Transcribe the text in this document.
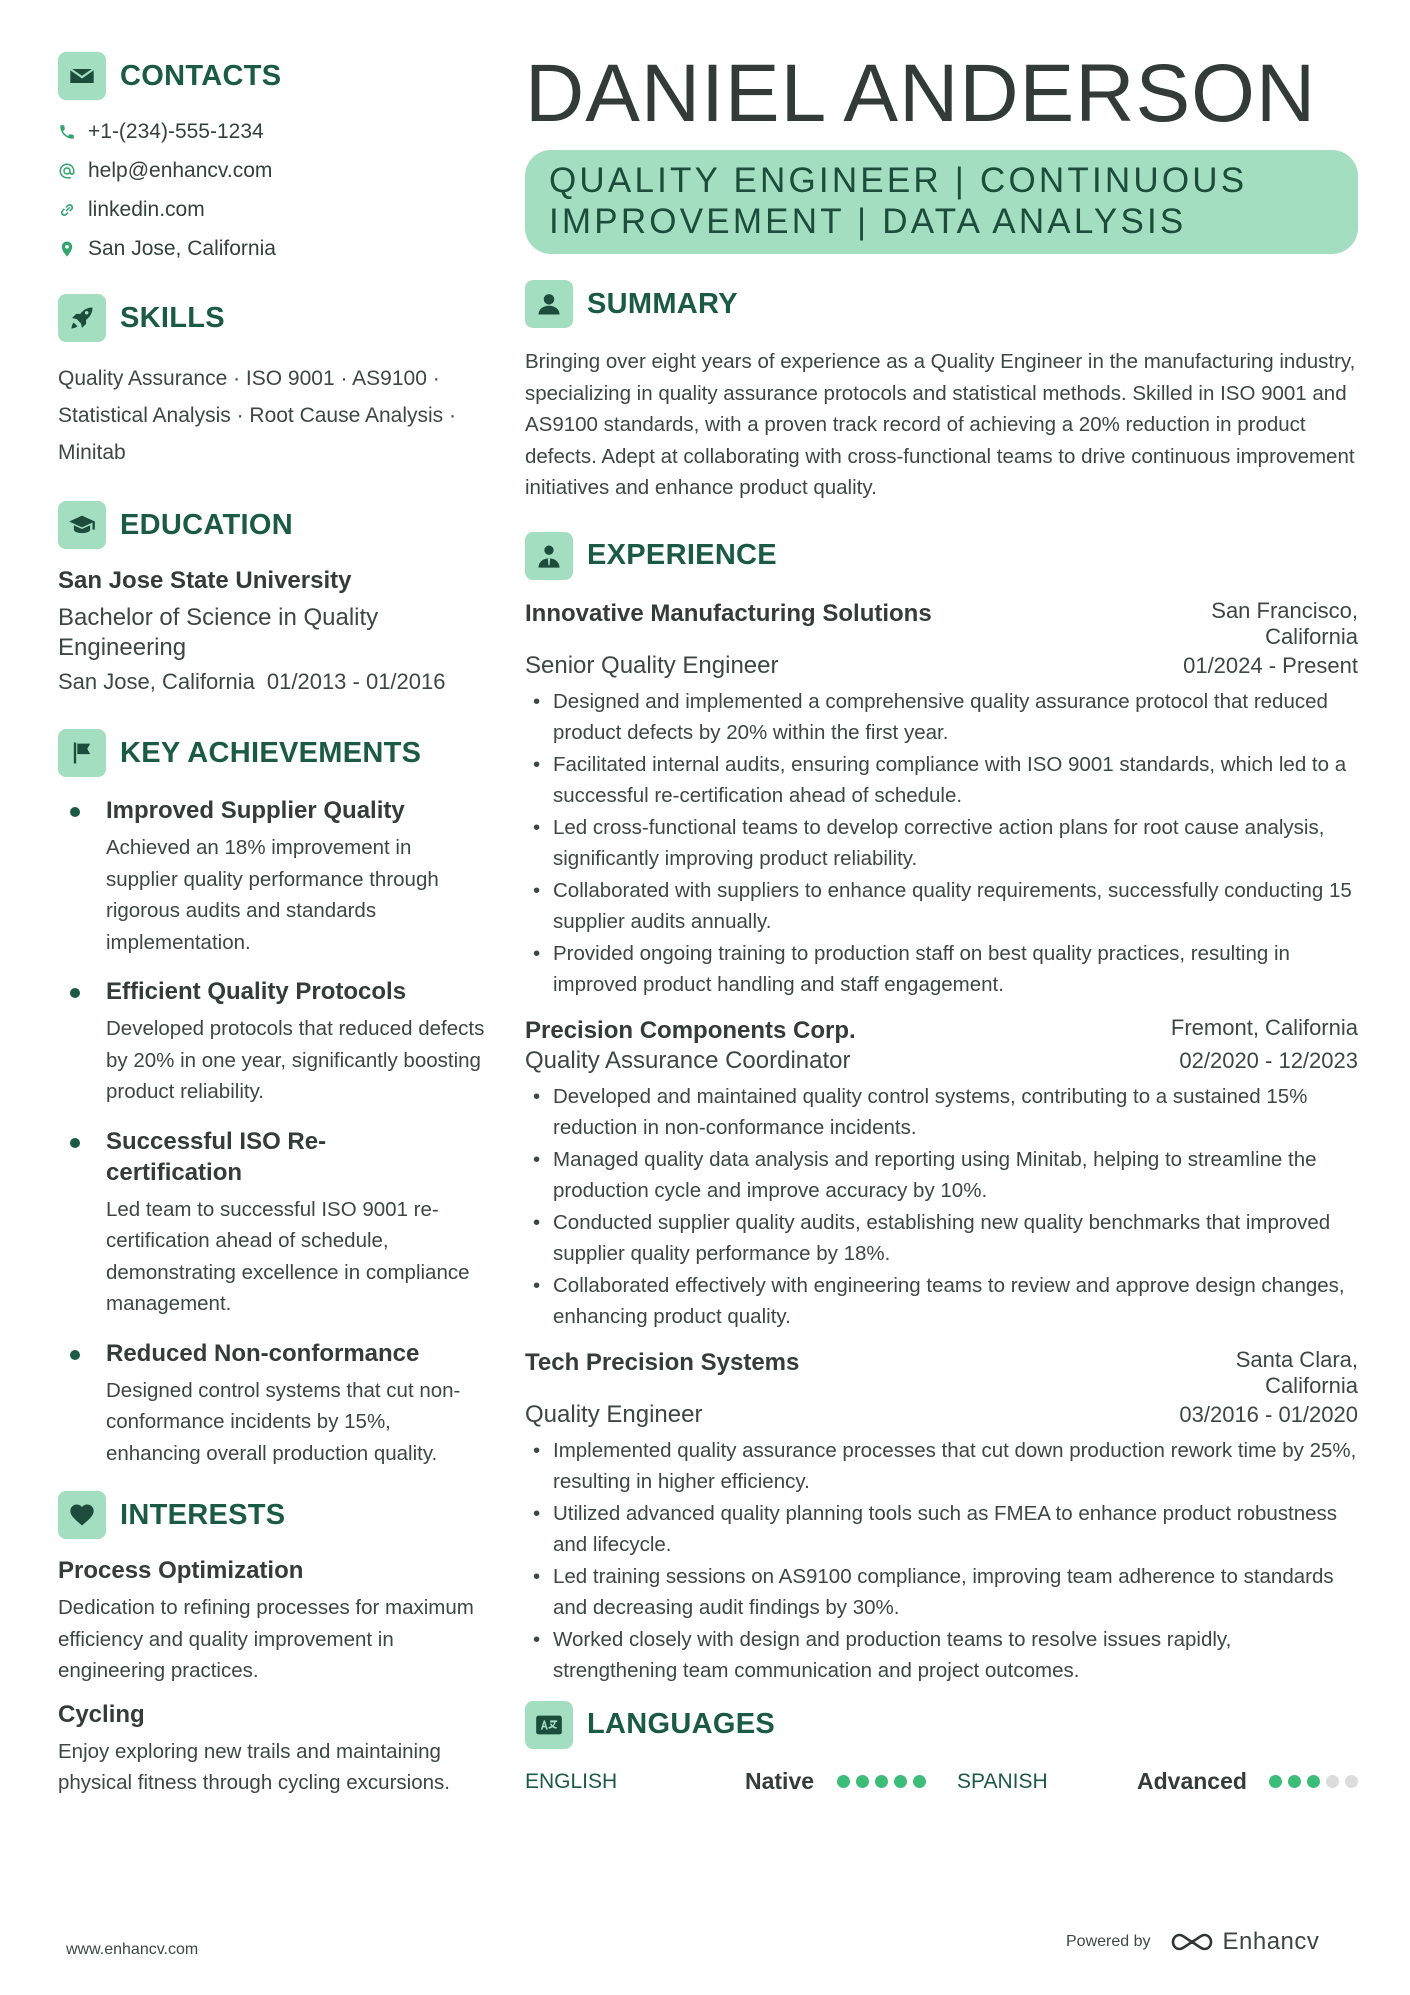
CONTACTS
+1-(234)-555-1234
help@enhancv.com
linkedin.com
San Jose, California
SKILLS
Quality Assurance · ISO 9001 · AS9100 · Statistical Analysis · Root Cause Analysis · Minitab
EDUCATION
San Jose State University
Bachelor of Science in Quality Engineering
San Jose, California 01/2013 - 01/2016
KEY ACHIEVEMENTS
Improved Supplier Quality
Achieved an 18% improvement in supplier quality performance through rigorous audits and standards implementation.
Efficient Quality Protocols
Developed protocols that reduced defects by 20% in one year, significantly boosting product reliability.
Successful ISO Re-certification
Led team to successful ISO 9001 re-certification ahead of schedule, demonstrating excellence in compliance management.
Reduced Non-conformance
Designed control systems that cut non-conformance incidents by 15%, enhancing overall production quality.
INTERESTS
Process Optimization
Dedication to refining processes for maximum efficiency and quality improvement in engineering practices.
Cycling
Enjoy exploring new trails and maintaining physical fitness through cycling excursions.
DANIEL ANDERSON
QUALITY ENGINEER | CONTINUOUS
IMPROVEMENT | DATA ANALYSIS
SUMMARY
Bringing over eight years of experience as a Quality Engineer in the manufacturing industry, specializing in quality assurance protocols and statistical methods. Skilled in ISO 9001 and AS9100 standards, with a proven track record of achieving a 20% reduction in product defects. Adept at collaborating with cross-functional teams to drive continuous improvement initiatives and enhance product quality.
EXPERIENCE
Innovative Manufacturing Solutions	San Francisco, California
Senior Quality Engineer	01/2024 - Present
• Designed and implemented a comprehensive quality assurance protocol that reduced product defects by 20% within the first year.
• Facilitated internal audits, ensuring compliance with ISO 9001 standards, which led to a successful re-certification ahead of schedule.
• Led cross-functional teams to develop corrective action plans for root cause analysis, significantly improving product reliability.
• Collaborated with suppliers to enhance quality requirements, successfully conducting 15 supplier audits annually.
• Provided ongoing training to production staff on best quality practices, resulting in improved product handling and staff engagement.
Precision Components Corp.	Fremont, California
Quality Assurance Coordinator	02/2020 - 12/2023
• Developed and maintained quality control systems, contributing to a sustained 15% reduction in non-conformance incidents.
• Managed quality data analysis and reporting using Minitab, helping to streamline the production cycle and improve accuracy by 10%.
• Conducted supplier quality audits, establishing new quality benchmarks that improved supplier quality performance by 18%.
• Collaborated effectively with engineering teams to review and approve design changes, enhancing product quality.
Tech Precision Systems	Santa Clara, California
Quality Engineer	03/2016 - 01/2020
• Implemented quality assurance processes that cut down production rework time by 25%, resulting in higher efficiency.
• Utilized advanced quality planning tools such as FMEA to enhance product robustness and lifecycle.
• Led training sessions on AS9100 compliance, improving team adherence to standards and decreasing audit findings by 30%.
• Worked closely with design and production teams to resolve issues rapidly, strengthening team communication and project outcomes.
LANGUAGES
ENGLISH	Native	SPANISH	Advanced
www.enhancv.com	Powered by	Enhancv
